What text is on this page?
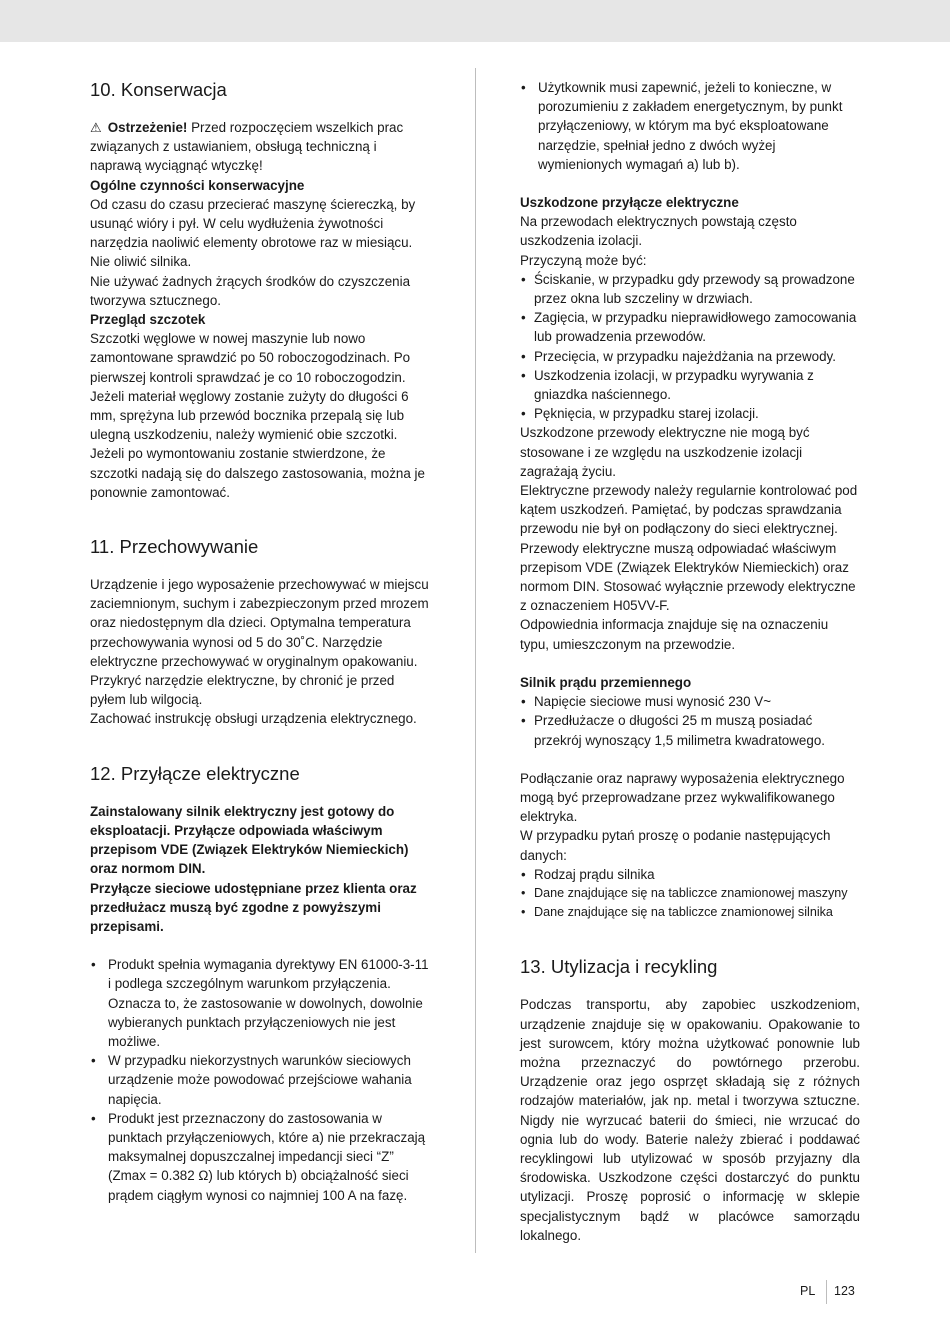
10. Konserwacja

⚠ Ostrzeżenie! Przed rozpoczęciem wszelkich prac związanych z ustawianiem, obsługą techniczną i naprawą wyciągnąć wtyczkę!

Ogólne czynności konserwacyjne

Od czasu do czasu przecierać maszynę ściereczką, by usunąć wióry i pył. W celu wydłużenia żywotności narzędzia naoliwić elementy obrotowe raz w miesiącu. Nie oliwić silnika.

Nie używać żadnych żrących środków do czyszczenia tworzywa sztucznego.

Przegląd szczotek

Szczotki węglowe w nowej maszynie lub nowo zamontowane sprawdzić po 50 roboczogodzinach. Po pierwszej kontroli sprawdzać je co 10 roboczogodzin. Jeżeli materiał węglowy zostanie zużyty do długości 6 mm, sprężyna lub przewód bocznika przepalą się lub ulegną uszkodzeniu, należy wymienić obie szczotki. Jeżeli po wymontowaniu zostanie stwierdzone, że szczotki nadają się do dalszego zastosowania, można je ponownie zamontować.

11. Przechowywanie

Urządzenie i jego wyposażenie przechowywać w miejscu zaciemnionym, suchym i zabezpieczonym przed mrozem oraz niedostępnym dla dzieci. Optymalna temperatura przechowywania wynosi od 5 do 30˚C. Narzędzie elektryczne przechowywać w oryginalnym opakowaniu.

Przykryć narzędzie elektryczne, by chronić je przed pyłem lub wilgocią.

Zachować instrukcję obsługi urządzenia elektrycznego.

12. Przyłącze elektryczne

Zainstalowany silnik elektryczny jest gotowy do eksploatacji. Przyłącze odpowiada właściwym przepisom VDE (Związek Elektryków Niemieckich) oraz normom DIN.

Przyłącze sieciowe udostępniane przez klienta oraz przedłużacz muszą być zgodne z powyższymi przepisami.

• Produkt spełnia wymagania dyrektywy EN 61000-3-11 i podlega szczególnym warunkom przyłączenia. Oznacza to, że zastosowanie w dowolnych, dowolnie wybieranych punktach przyłączeniowych nie jest możliwe.
• W przypadku niekorzystnych warunków sieciowych urządzenie może powodować przejściowe wahania napięcia.
• Produkt jest przeznaczony do zastosowania w punktach przyłączeniowych, które a) nie przekraczają maksymalnej dopuszczalnej impedancji sieci “Z” (Zmax = 0.382 Ω) lub których b) obciążalność sieci prądem ciągłym wynosi co najmniej 100 A na fazę.
• Użytkownik musi zapewnić, jeżeli to konieczne, w porozumieniu z zakładem energetycznym, by punkt przyłączeniowy, w którym ma być eksploatowane narzędzie, spełniał jedno z dwóch wyżej wymienionych wymagań a) lub b).

Uszkodzone przyłącze elektryczne

Na przewodach elektrycznych powstają często uszkodzenia izolacji.

Przyczyną może być:

• Ściskanie, w przypadku gdy przewody są prowadzone przez okna lub szczeliny w drzwiach.
• Zagięcia, w przypadku nieprawidłowego zamocowania lub prowadzenia przewodów.
• Przecięcia, w przypadku najeżdżania na przewody.
• Uszkodzenia izolacji, w przypadku wyrywania z gniazdka naściennego.
• Pęknięcia, w przypadku starej izolacji.

Uszkodzone przewody elektryczne nie mogą być stosowane i ze względu na uszkodzenie izolacji zagrażają życiu.

Elektryczne przewody należy regularnie kontrolować pod kątem uszkodzeń. Pamiętać, by podczas sprawdzania przewodu nie był on podłączony do sieci elektrycznej.

Przewody elektryczne muszą odpowiadać właściwym przepisom VDE (Związek Elektryków Niemieckich) oraz normom DIN. Stosować wyłącznie przewody elektryczne z oznaczeniem H05VV-F.

Odpowiednia informacja znajduje się na oznaczeniu typu, umieszczonym na przewodzie.

Silnik prądu przemiennego

• Napięcie sieciowe musi wynosić 230 V~
• Przedłużacze o długości 25 m muszą posiadać przekrój wynoszący 1,5 milimetra kwadratowego.

Podłączanie oraz naprawy wyposażenia elektrycznego mogą być przeprowadzane przez wykwalifikowanego elektryka.

W przypadku pytań proszę o podanie następujących danych:

• Rodzaj prądu silnika
• Dane znajdujące się na tabliczce znamionowej maszyny
• Dane znajdujące się na tabliczce znamionowej silnika
13. Utylizacja i recykling

Podczas transportu, aby zapobiec uszkodzeniom, urządzenie znajduje się w opakowaniu. Opakowanie to jest surowcem, który można użytkować ponownie lub można przeznaczyć do powtórnego przerobu. Urządzenie oraz jego osprzęt składają się z różnych rodzajów materiałów, jak np. metal i tworzywa sztuczne. Nigdy nie wyrzucać baterii do śmieci, nie wrzucać do ognia lub do wody. Baterie należy zbierać i poddawać recyklingowi lub utylizować w sposób przyjazny dla środowiska. Uszkodzone części dostarczyć do punktu utylizacji. Proszę poprosić o informację w sklepie specjalistycznym bądź w placówce samorządu lokalnego.

PL 123
